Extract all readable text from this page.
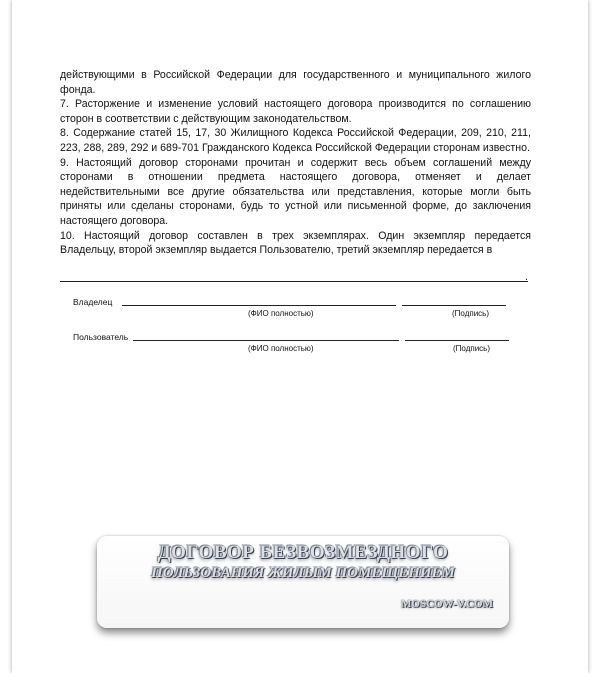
действующими в Российской Федерации для государственного и муниципального жилого фонда.

7. Расторжение и изменение условий настоящего договора производится по соглашению сторон в соответствии с действующим законодательством.

8. Содержание статей 15, 17, 30 Жилищного Кодекса Российской Федерации, 209, 210, 211, 223, 288, 289, 292 и 689-701 Гражданского Кодекса Российской Федерации сторонам известно.

9. Настоящий договор сторонами прочитан и содержит весь объем соглашений между сторонами в отношении предмета настоящего договора, отменяет и делает недействительными все другие обязательства или представления, которые могли быть приняты или сделаны сторонами, будь то устной или письменной форме, до заключения настоящего договора.

10. Настоящий договор составлен в трех экземплярах. Один экземпляр передается Владельцу, второй экземпляр выдается Пользователю, третий экземпляр передается в

.
Владелец
(ФИО полностью)	(Подпись)
Пользователь
(ФИО полностью)	(Подпись)
ДОГОВОР БЕЗВОЗМЕЗДНОГО
ПОЛЬЗОВАНИЯ ЖИЛЫМ ПОМЕЩЕНИЕМ
MOSCOW-V.COM
